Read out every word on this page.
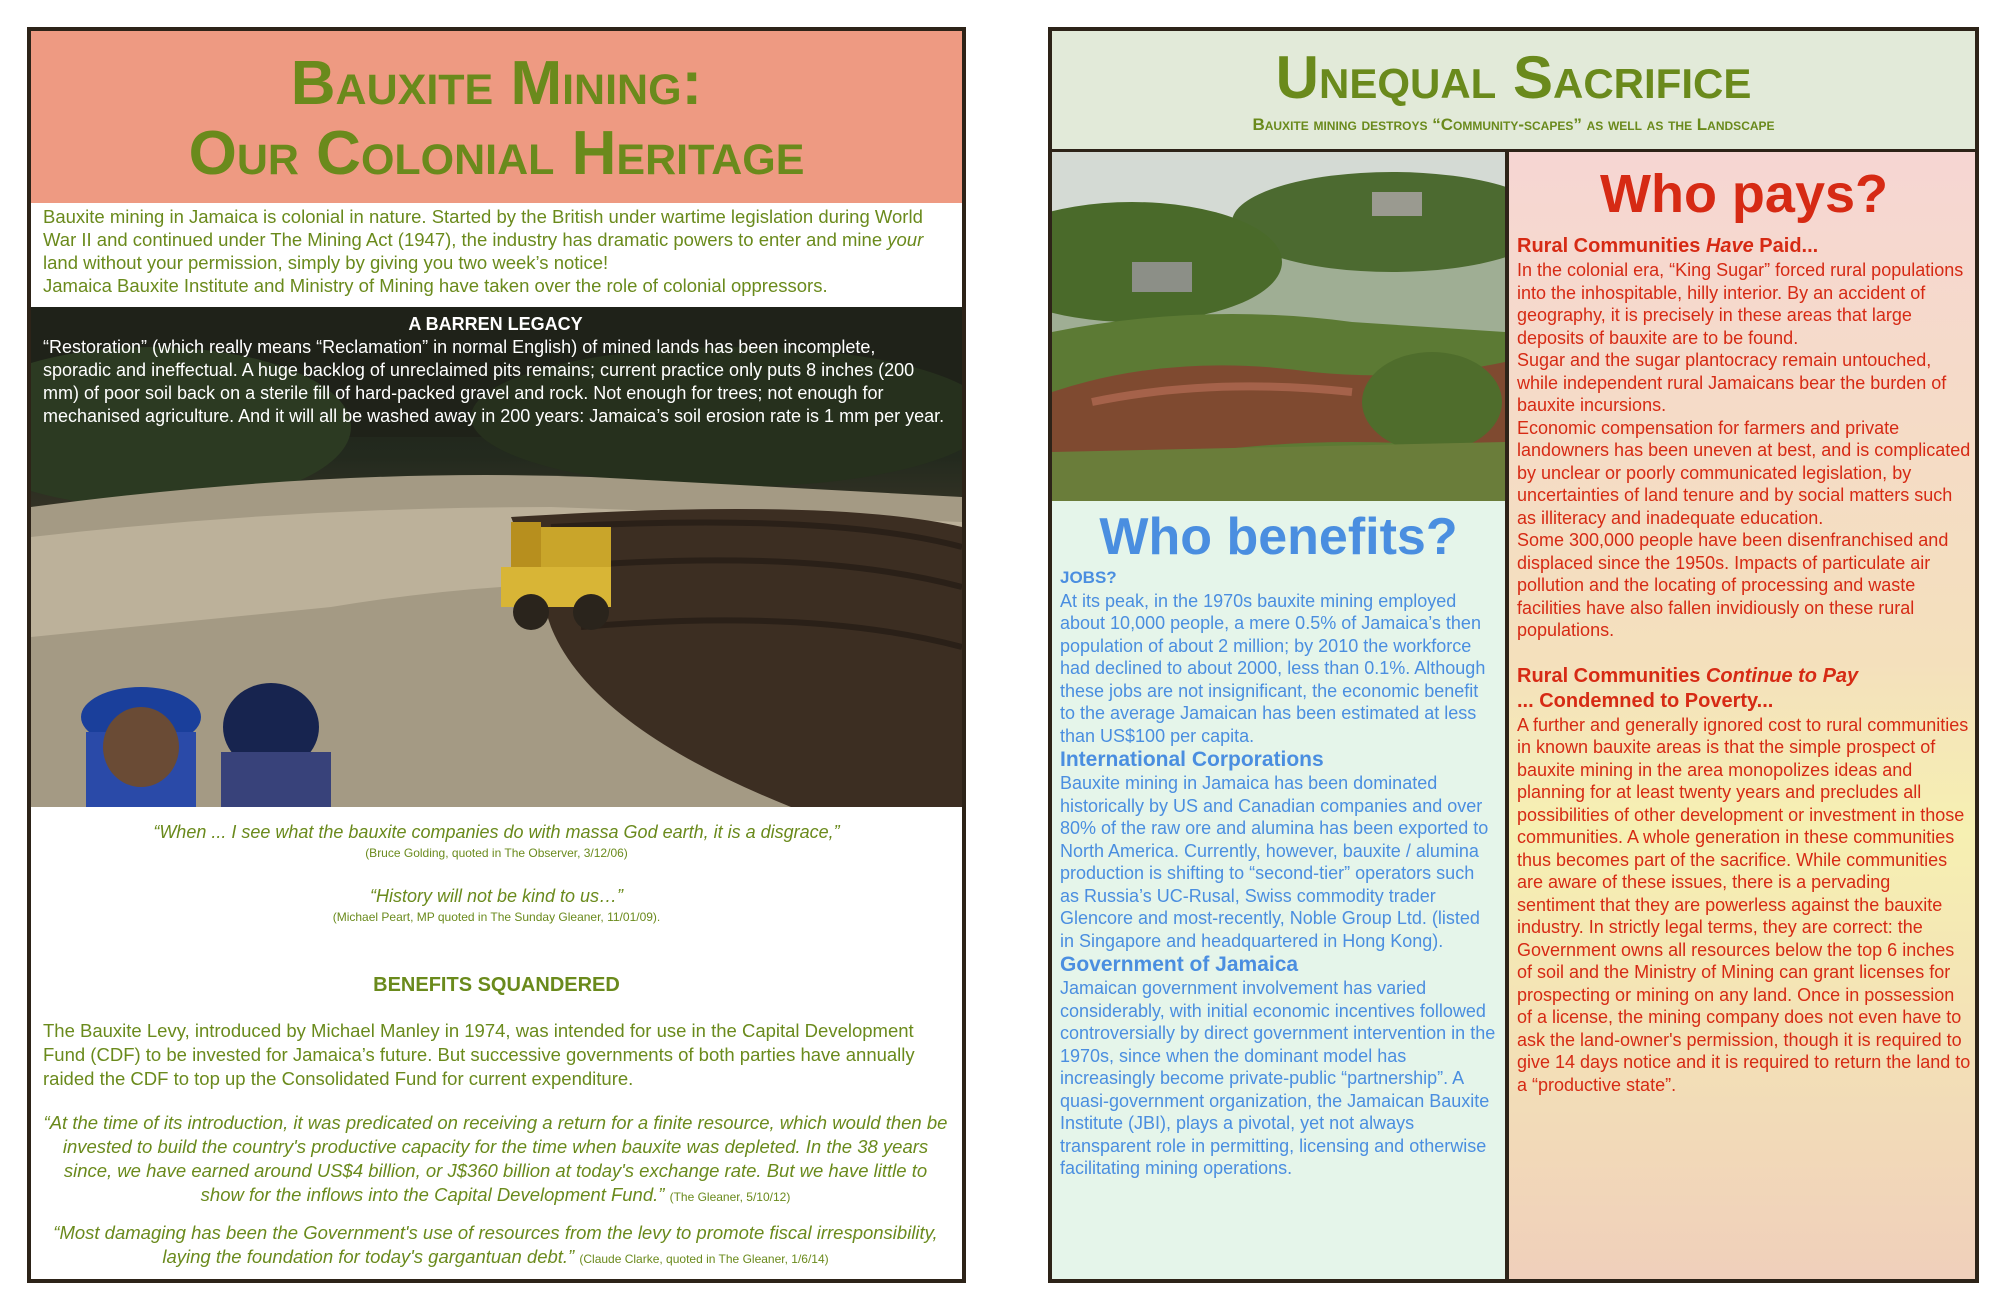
Bauxite Mining:
Our Colonial Heritage
Bauxite mining in Jamaica is colonial in nature. Started by the British under wartime legislation during World War II and continued under The Mining Act (1947), the industry has dramatic powers to enter and mine your land without your permission, simply by giving you two week’s notice!
Jamaica Bauxite Institute and Ministry of Mining have taken over the role of colonial oppressors.
A BARREN LEGACY
“Restoration” (which really means “Reclamation” in normal English) of mined lands has been incomplete, sporadic and ineffectual. A huge backlog of unreclaimed pits remains; current practice only puts 8 inches (200 mm) of poor soil back on a sterile fill of hard-packed gravel and rock. Not enough for trees; not enough for mechanised agriculture. And it will all be washed away in 200 years: Jamaica’s soil erosion rate is 1 mm per year.
“When ... I see what the bauxite companies do with massa God earth, it is a disgrace,”
(Bruce Golding, quoted in The Observer, 3/12/06)
“History will not be kind to us…”
(Michael Peart, MP quoted in The Sunday Gleaner, 11/01/09).
BENEFITS SQUANDERED
The Bauxite Levy, introduced by Michael Manley in 1974, was intended for use in the Capital Development Fund (CDF) to be invested for Jamaica’s future. But successive governments of both parties have annually raided the CDF to top up the Consolidated Fund for current expenditure.
“At the time of its introduction, it was predicated on receiving a return for a finite resource, which would then be invested to build the country's productive capacity for the time when bauxite was depleted. In the 38 years since, we have earned around US$4 billion, or J$360 billion at today's exchange rate. But we have little to show for the inflows into the Capital Development Fund.” (The Gleaner, 5/10/12)
“Most damaging has been the Government's use of resources from the levy to promote fiscal irresponsibility, laying the foundation for today's gargantuan debt.” (Claude Clarke, quoted in The Gleaner, 1/6/14)
Unequal Sacrifice
Bauxite mining destroys “Community-scapes” as well as the Landscape
Who benefits?
JOBS?
At its peak, in the 1970s bauxite mining employed about 10,000 people, a mere 0.5% of Jamaica’s then population of about 2 million; by 2010 the workforce had declined to about 2000, less than 0.1%. Although these jobs are not insignificant, the economic benefit to the average Jamaican has been estimated at less than US$100 per capita.
International Corporations
Bauxite mining in Jamaica has been dominated historically by US and Canadian companies and over 80% of the raw ore and alumina has been exported to North America. Currently, however, bauxite / alumina production is shifting to “second-tier” operators such as Russia’s UC-Rusal, Swiss commodity trader Glencore and most-recently, Noble Group Ltd. (listed in Singapore and headquartered in Hong Kong).
Government of Jamaica
Jamaican government involvement has varied considerably, with initial economic incentives followed controversially by direct government intervention in the 1970s, since when the dominant model has increasingly become private-public “partnership”. A quasi-government organization, the Jamaican Bauxite Institute (JBI), plays a pivotal, yet not always transparent role in permitting, licensing and otherwise facilitating mining operations.
Who pays?
Rural Communities Have Paid...
In the colonial era, “King Sugar” forced rural populations into the inhospitable, hilly interior. By an accident of geography, it is precisely in these areas that large deposits of bauxite are to be found.
Sugar and the sugar plantocracy remain untouched, while independent rural Jamaicans bear the burden of bauxite incursions.
Economic compensation for farmers and private landowners has been uneven at best, and is complicated by unclear or poorly communicated legislation, by uncertainties of land tenure and by social matters such as illiteracy and inadequate education.
Some 300,000 people have been disenfranchised and displaced since the 1950s. Impacts of particulate air pollution and the locating of processing and waste facilities have also fallen invidiously on these rural populations.
Rural Communities Continue to Pay
... Condemned to Poverty...
A further and generally ignored cost to rural communities in known bauxite areas is that the simple prospect of bauxite mining in the area monopolizes ideas and planning for at least twenty years and precludes all possibilities of other development or investment in those communities. A whole generation in these communities thus becomes part of the sacrifice. While communities are aware of these issues, there is a pervading sentiment that they are powerless against the bauxite industry. In strictly legal terms, they are correct: the Government owns all resources below the top 6 inches of soil and the Ministry of Mining can grant licenses for prospecting or mining on any land. Once in possession of a license, the mining company does not even have to ask the land-owner's permission, though it is required to give 14 days notice and it is required to return the land to a “productive state”.
